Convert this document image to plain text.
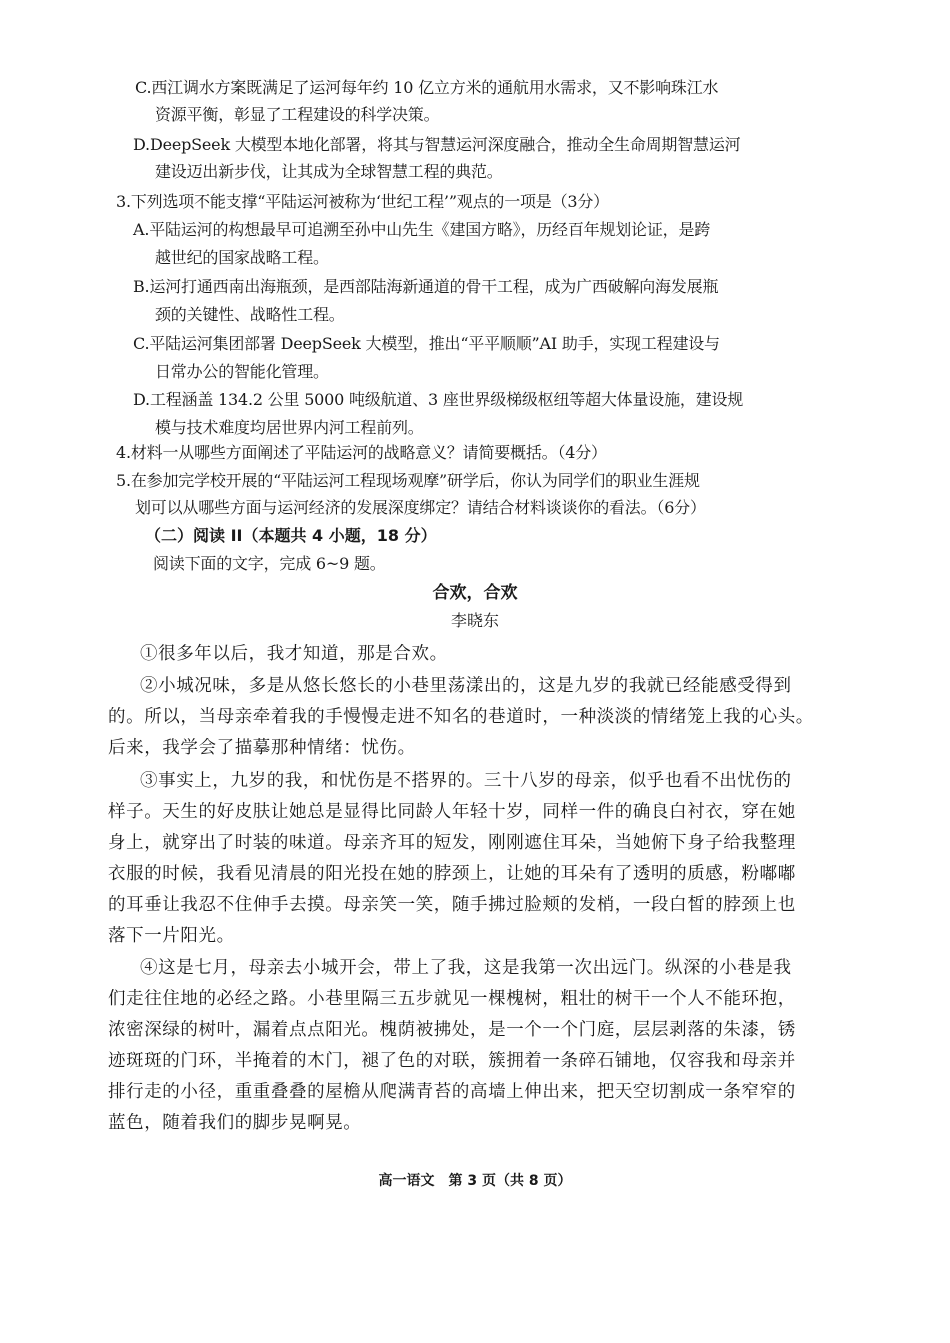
C.西江调水方案既满足了运河每年约 10 亿立方米的通航用水需求，又不影响珠江水
资源平衡，彰显了工程建设的科学决策。
D.DeepSeek 大模型本地化部署，将其与智慧运河深度融合，推动全生命周期智慧运河
建设迈出新步伐，让其成为全球智慧工程的典范。
3.下列选项不能支撑“平陆运河被称为‘世纪工程’”观点的一项是（3分）
A.平陆运河的构想最早可追溯至孙中山先生《建国方略》，历经百年规划论证，是跨
越世纪的国家战略工程。
B.运河打通西南出海瓶颈，是西部陆海新通道的骨干工程，成为广西破解向海发展瓶
颈的关键性、战略性工程。
C.平陆运河集团部署 DeepSeek 大模型，推出“平平顺顺”AI 助手，实现工程建设与
日常办公的智能化管理。
D.工程涵盖 134.2 公里 5000 吨级航道、3 座世界级梯级枢纽等超大体量设施，建设规
模与技术难度均居世界内河工程前列。
4.材料一从哪些方面阐述了平陆运河的战略意义？请简要概括。（4分）
5.在参加完学校开展的“平陆运河工程现场观摩”研学后，你认为同学们的职业生涯规
划可以从哪些方面与运河经济的发展深度绑定？请结合材料谈谈你的看法。（6分）
（二）阅读 II（本题共 4 小题，18 分）
阅读下面的文字，完成 6~9 题。
合欢，合欢
李晓东
①很多年以后，我才知道，那是合欢。
②小城况味，多是从悠长悠长的小巷里荡漾出的，这是九岁的我就已经能感受得到
的。所以，当母亲牵着我的手慢慢走进不知名的巷道时，一种淡淡的情绪笼上我的心头。
后来，我学会了描摹那种情绪：忧伤。
③事实上，九岁的我，和忧伤是不搭界的。三十八岁的母亲，似乎也看不出忧伤的
样子。天生的好皮肤让她总是显得比同龄人年轻十岁，同样一件的确良白衬衣，穿在她
身上，就穿出了时装的味道。母亲齐耳的短发，刚刚遮住耳朵，当她俯下身子给我整理
衣服的时候，我看见清晨的阳光投在她的脖颈上，让她的耳朵有了透明的质感，粉嘟嘟
的耳垂让我忍不住伸手去摸。母亲笑一笑，随手拂过脸颊的发梢，一段白皙的脖颈上也
落下一片阳光。
④这是七月，母亲去小城开会，带上了我，这是我第一次出远门。纵深的小巷是我
们走往住地的必经之路。小巷里隔三五步就见一棵槐树，粗壮的树干一个人不能环抱，
浓密深绿的树叶，漏着点点阳光。槐荫被拂处，是一个一个门庭，层层剥落的朱漆，锈
迹斑斑的门环，半掩着的木门，褪了色的对联，簇拥着一条碎石铺地，仅容我和母亲并
排行走的小径，重重叠叠的屋檐从爬满青苔的高墙上伸出来，把天空切割成一条窄窄的
蓝色，随着我们的脚步晃啊晃。
高一语文　第 3 页（共 8 页）
